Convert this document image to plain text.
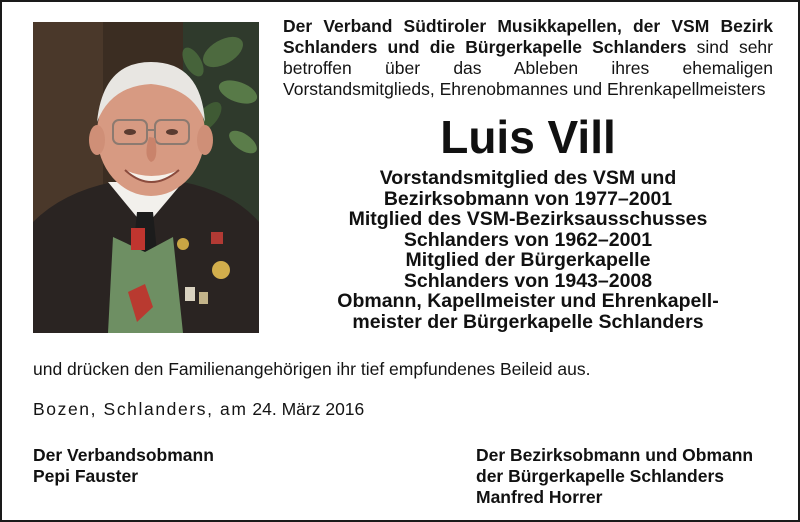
Der Verband Südtiroler Musikkapellen, der VSM Bezirk Schlanders und die Bürgerkapelle Schlanders sind sehr betroffen über das Ableben ihres ehemaligen Vorstandsmitglieds, Ehrenobmannes und Ehrenkapellmeisters
Luis Vill

Vorstandsmitglied des VSM und

Bezirksobmann von 1977–2001

Mitglied des VSM-Bezirksausschusses

Schlanders von 1962–2001

Mitglied der Bürgerkapelle

Schlanders von 1943–2008

Obmann, Kapellmeister und Ehrenkapell-

meister der Bürgerkapelle Schlanders

und drücken den Familienangehörigen ihr tief empfundenes Beileid aus.
Bozen, Schlanders, am 24. März 2016
Der Verbandsobmann
Pepi Fauster
Der Bezirksobmann und Obmann
der Bürgerkapelle Schlanders
Manfred Horrer
